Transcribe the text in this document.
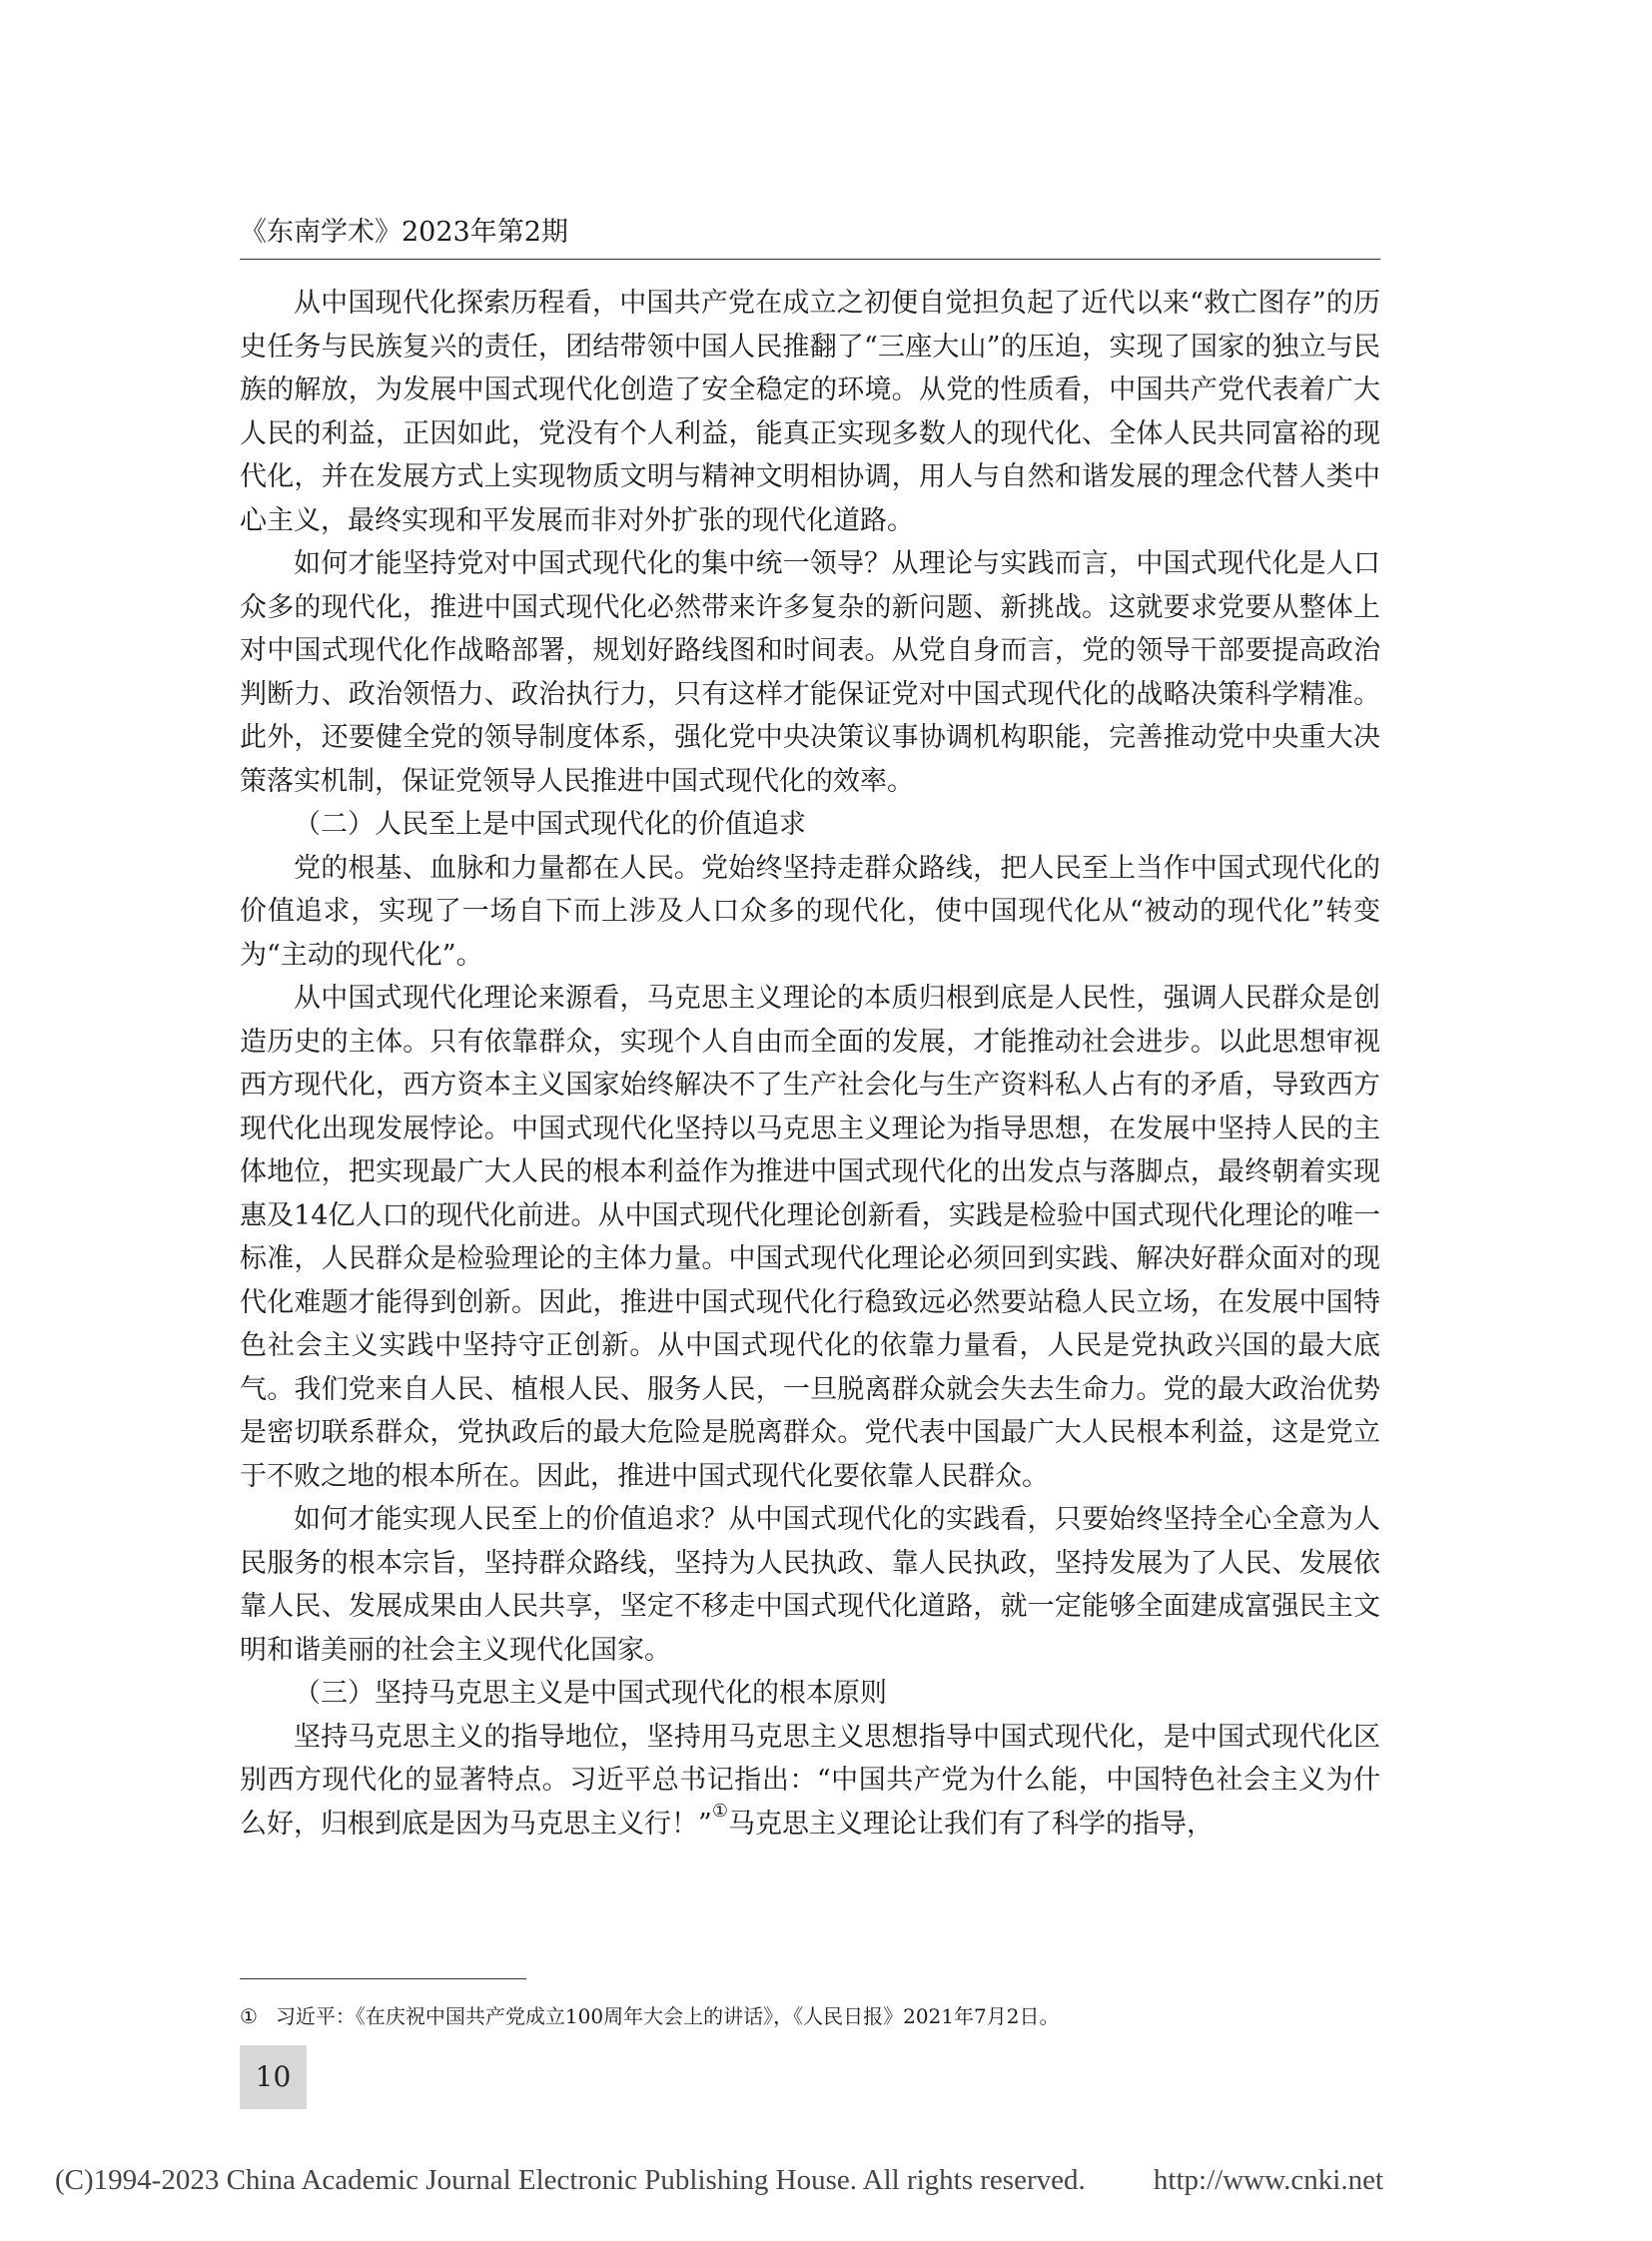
《东南学术》2023年第2期

从中国现代化探索历程看，中国共产党在成立之初便自觉担负起了近代以来“救亡图存”的历史任务与民族复兴的责任，团结带领中国人民推翻了“三座大山”的压迫，实现了国家的独立与民族的解放，为发展中国式现代化创造了安全稳定的环境。从党的性质看，中国共产党代表着广大人民的利益，正因如此，党没有个人利益，能真正实现多数人的现代化、全体人民共同富裕的现代化，并在发展方式上实现物质文明与精神文明相协调，用人与自然和谐发展的理念代替人类中心主义，最终实现和平发展而非对外扩张的现代化道路。

如何才能坚持党对中国式现代化的集中统一领导？从理论与实践而言，中国式现代化是人口众多的现代化，推进中国式现代化必然带来许多复杂的新问题、新挑战。这就要求党要从整体上对中国式现代化作战略部署，规划好路线图和时间表。从党自身而言，党的领导干部要提高政治判断力、政治领悟力、政治执行力，只有这样才能保证党对中国式现代化的战略决策科学精准。此外，还要健全党的领导制度体系，强化党中央决策议事协调机构职能，完善推动党中央重大决策落实机制，保证党领导人民推进中国式现代化的效率。

（二）人民至上是中国式现代化的价值追求

党的根基、血脉和力量都在人民。党始终坚持走群众路线，把人民至上当作中国式现代化的价值追求，实现了一场自下而上涉及人口众多的现代化，使中国现代化从“被动的现代化”转变为“主动的现代化”。

从中国式现代化理论来源看，马克思主义理论的本质归根到底是人民性，强调人民群众是创造历史的主体。只有依靠群众，实现个人自由而全面的发展，才能推动社会进步。以此思想审视西方现代化，西方资本主义国家始终解决不了生产社会化与生产资料私人占有的矛盾，导致西方现代化出现发展悖论。中国式现代化坚持以马克思主义理论为指导思想，在发展中坚持人民的主体地位，把实现最广大人民的根本利益作为推进中国式现代化的出发点与落脚点，最终朝着实现惠及14亿人口的现代化前进。从中国式现代化理论创新看，实践是检验中国式现代化理论的唯一标准，人民群众是检验理论的主体力量。中国式现代化理论必须回到实践、解决好群众面对的现代化难题才能得到创新。因此，推进中国式现代化行稳致远必然要站稳人民立场，在发展中国特色社会主义实践中坚持守正创新。从中国式现代化的依靠力量看，人民是党执政兴国的最大底气。我们党来自人民、植根人民、服务人民，一旦脱离群众就会失去生命力。党的最大政治优势是密切联系群众，党执政后的最大危险是脱离群众。党代表中国最广大人民根本利益，这是党立于不败之地的根本所在。因此，推进中国式现代化要依靠人民群众。

如何才能实现人民至上的价值追求？从中国式现代化的实践看，只要始终坚持全心全意为人民服务的根本宗旨，坚持群众路线，坚持为人民执政、靠人民执政，坚持发展为了人民、发展依靠人民、发展成果由人民共享，坚定不移走中国式现代化道路，就一定能够全面建成富强民主文明和谐美丽的社会主义现代化国家。

（三）坚持马克思主义是中国式现代化的根本原则

坚持马克思主义的指导地位，坚持用马克思主义思想指导中国式现代化，是中国式现代化区别西方现代化的显著特点。习近平总书记指出：“中国共产党为什么能，中国特色社会主义为什么好，归根到底是因为马克思主义行！”①马克思主义理论让我们有了科学的指导，

① 习近平：《在庆祝中国共产党成立100周年大会上的讲话》，《人民日报》2021年7月2日。
10
(C)1994-2023 China Academic Journal Electronic Publishing House. All rights reserved. http://www.cnki.net
